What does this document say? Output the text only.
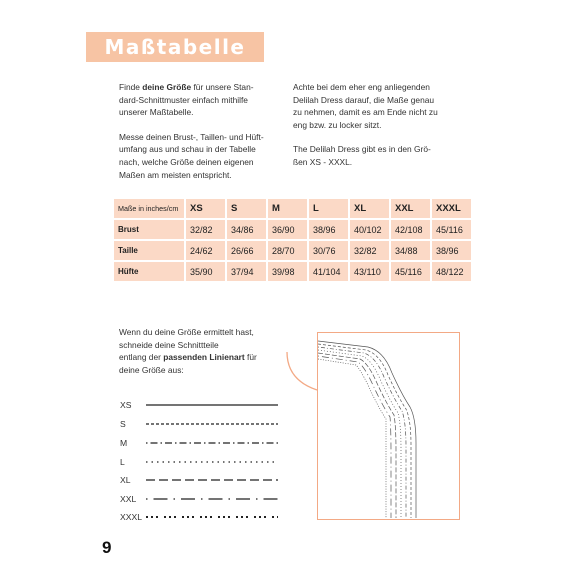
Maßtabelle
Finde deine Größe für unsere Stan-
dard-Schnittmuster einfach mithilfe
unserer Maßtabelle.
Messe deinen Brust-, Taillen- und Hüft-
umfang aus und schau in der Tabelle
nach, welche Größe deinen eigenen
Maßen am meisten entspricht.
Achte bei dem eher eng anliegenden
Delilah Dress darauf, die Maße genau
zu nehmen, damit es am Ende nicht zu
eng bzw. zu locker sitzt.
The Delilah Dress gibt es in den Grö-
ßen XS - XXXL.
Maße in inches/cm	XS	S	M	L	XL	XXL	XXXL
Brust	32/82	34/86	36/90	38/96	40/102	42/108	45/116
Taille	24/62	26/66	28/70	30/76	32/82	34/88	38/96
Hüfte	35/90	37/94	39/98	41/104	43/110	45/116	48/122
Wenn du deine Größe ermittelt hast,
schneide deine Schnittteile
entlang der passenden Linienart für
deine Größe aus:
XS
S
M
L
XL
XXL
XXXL
9
